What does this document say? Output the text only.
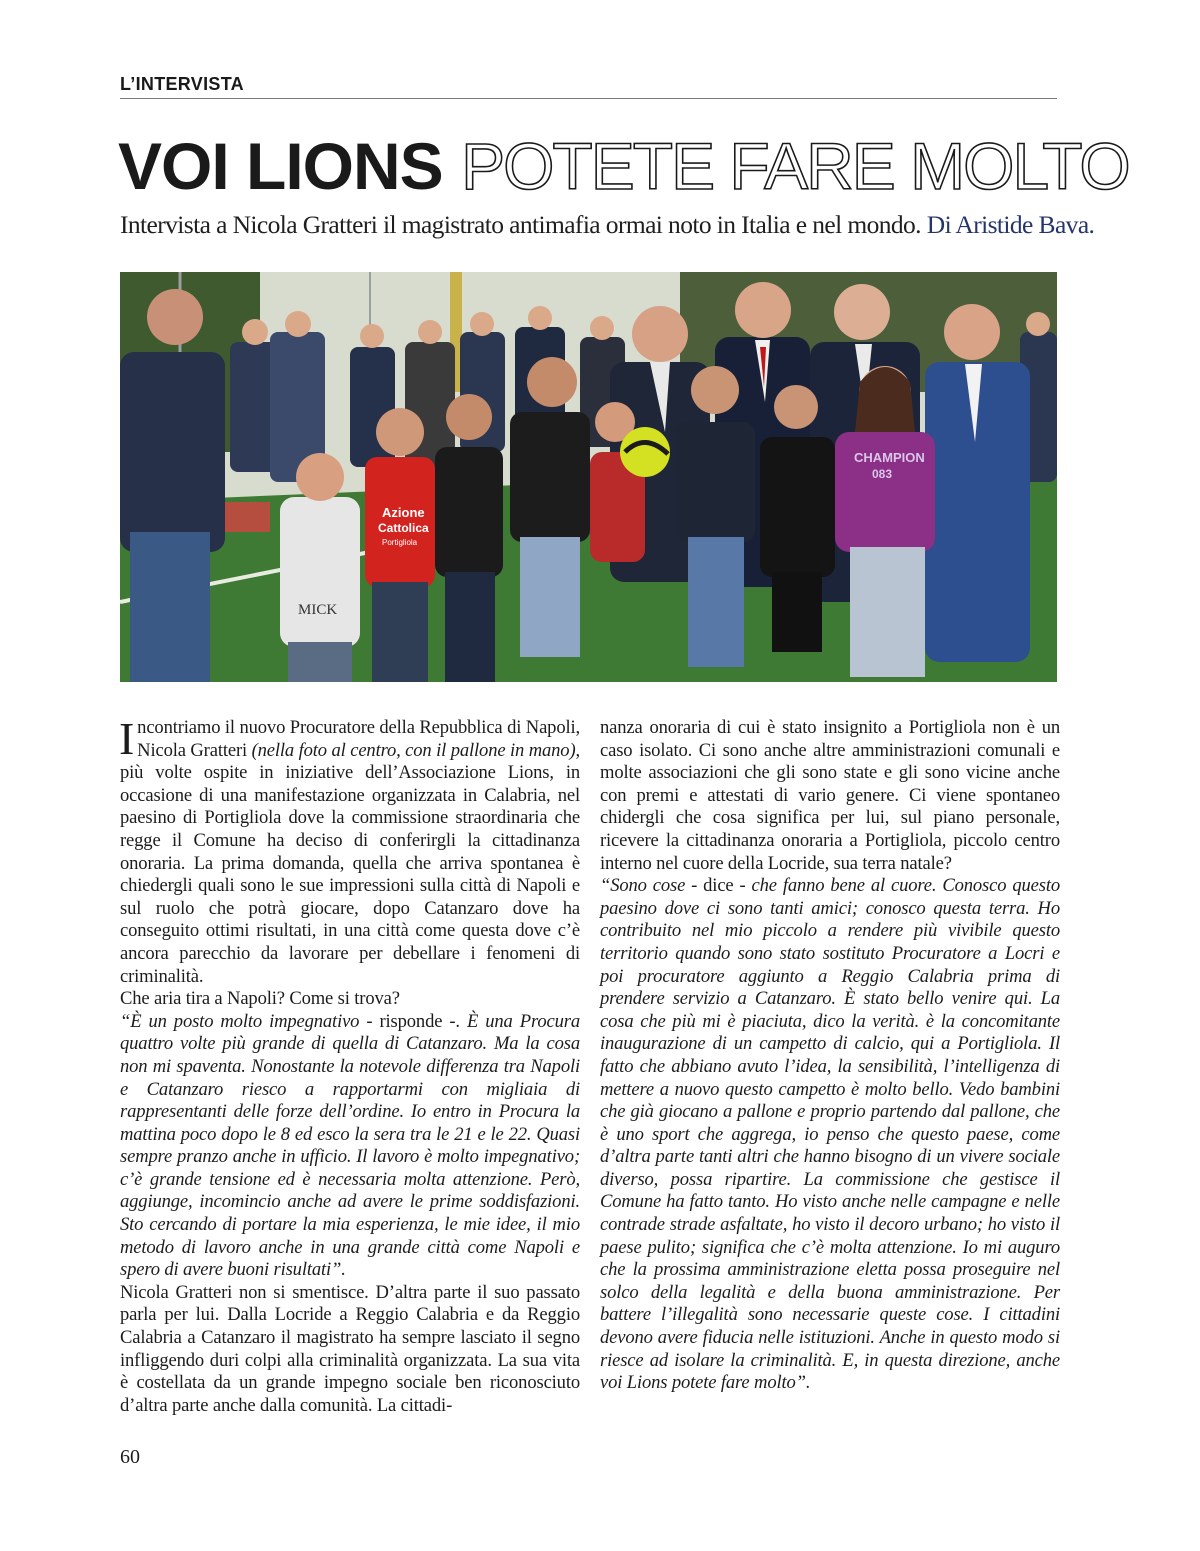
L’INTERVISTA
VOI LIONS POTETE FARE MOLTO
Intervista a Nicola Gratteri il magistrato antimafia ormai noto in Italia e nel mondo. Di Aristide Bava.
Azione
Cattolica
Portigliola
CHAMPION
083
MICK

Incontriamo il nuovo Procuratore della Repubblica di Napoli, Nicola Gratteri (nella foto al centro, con il pallone in mano), più volte ospite in iniziative dell’Associazione Lions, in occasione di una manifestazione organizzata in Calabria, nel paesino di Portigliola dove la commissione straordinaria che regge il Comune ha deciso di conferirgli la cittadinanza onoraria. La prima domanda, quella che arriva spontanea è chiedergli quali sono le sue impressioni sulla città di Napoli e sul ruolo che potrà giocare, dopo Catanzaro dove ha conseguito ottimi risultati, in una città come questa dove c’è ancora parecchio da lavorare per debellare i fenomeni di criminalità.

Che aria tira a Napoli? Come si trova?

“È un posto molto impegnativo - risponde -. È una Procura quattro volte più grande di quella di Catanzaro. Ma la cosa non mi spaventa. Nonostante la notevole differenza tra Napoli e Catanzaro riesco a rapportarmi con migliaia di rappresentanti delle forze dell’ordine. Io entro in Procura la mattina poco dopo le 8 ed esco la sera tra le 21 e le 22. Quasi sempre pranzo anche in ufficio. Il lavoro è molto impegnativo; c’è grande tensione ed è necessaria molta attenzione. Però, aggiunge, incomincio anche ad avere le prime soddisfazioni. Sto cercando di portare la mia esperienza, le mie idee, il mio metodo di lavoro anche in una grande città come Napoli e spero di avere buoni risultati”.

Nicola Gratteri non si smentisce. D’altra parte il suo passato parla per lui. Dalla Locride a Reggio Calabria e da Reggio Calabria a Catanzaro il magistrato ha sempre lasciato il segno infliggendo duri colpi alla criminalità organizzata. La sua vita è costellata da un grande impegno sociale ben riconosciuto d’altra parte anche dalla comunità. La cittadi-

nanza onoraria di cui è stato insignito a Portigliola non è un caso isolato. Ci sono anche altre amministrazioni comunali e molte associazioni che gli sono state e gli sono vicine anche con premi e attestati di vario genere. Ci viene spontaneo chidergli che cosa significa per lui, sul piano personale, ricevere la cittadinanza onoraria a Portigliola, piccolo centro interno nel cuore della Locride, sua terra natale?

“Sono cose - dice - che fanno bene al cuore. Conosco questo paesino dove ci sono tanti amici; conosco questa terra. Ho contribuito nel mio piccolo a rendere più vivibile questo territorio quando sono stato sostituto Procuratore a Locri e poi procuratore aggiunto a Reggio Calabria prima di prendere servizio a Catanzaro. È stato bello venire qui. La cosa che più mi è piaciuta, dico la verità. è la concomitante inaugurazione di un campetto di calcio, qui a Portigliola. Il fatto che abbiano avuto l’idea, la sensibilità, l’intelligenza di mettere a nuovo questo campetto è molto bello. Vedo bambini che già giocano a pallone e proprio partendo dal pallone, che è uno sport che aggrega, io penso che questo paese, come d’altra parte tanti altri che hanno bisogno di un vivere sociale diverso, possa ripartire. La commissione che gestisce il Comune ha fatto tanto. Ho visto anche nelle campagne e nelle contrade strade asfaltate, ho visto il decoro urbano; ho visto il paese pulito; significa che c’è molta attenzione. Io mi auguro che la prossima amministrazione eletta possa proseguire nel solco della legalità e della buona amministrazione. Per battere l’illegalità sono necessarie queste cose. I cittadini devono avere fiducia nelle istituzioni. Anche in questo modo si riesce ad isolare la criminalità. E, in questa direzione, anche voi Lions potete fare molto”.

60
